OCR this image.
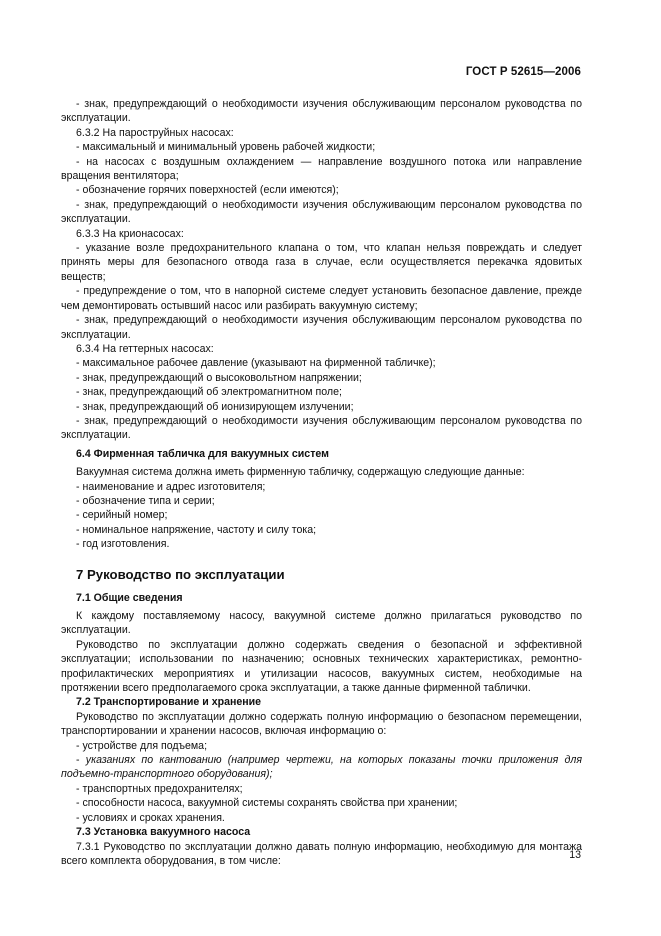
ГОСТ Р 52615—2006

- знак, предупреждающий о необходимости изучения обслуживающим персоналом руководства по эксплуатации.

6.3.2 На пароструйных насосах:

- максимальный и минимальный уровень рабочей жидкости;

- на насосах с воздушным охлаждением — направление воздушного потока или направление вращения вентилятора;

- обозначение горячих поверхностей (если имеются);

- знак, предупреждающий о необходимости изучения обслуживающим персоналом руководства по эксплуатации.

6.3.3 На крионасосах:

- указание возле предохранительного клапана о том, что клапан нельзя повреждать и следует принять меры для безопасного отвода газа в случае, если осуществляется перекачка ядовитых веществ;

- предупреждение о том, что в напорной системе следует установить безопасное давление, прежде чем демонтировать остывший насос или разбирать вакуумную систему;

- знак, предупреждающий о необходимости изучения обслуживающим персоналом руководства по эксплуатации.

6.3.4 На геттерных насосах:

- максимальное рабочее давление (указывают на фирменной табличке);

- знак, предупреждающий о высоковольтном напряжении;

- знак, предупреждающий об электромагнитном поле;

- знак, предупреждающий об ионизирующем излучении;

- знак, предупреждающий о необходимости изучения обслуживающим персоналом руководства по эксплуатации.

6.4 Фирменная табличка для вакуумных систем

Вакуумная система должна иметь фирменную табличку, содержащую следующие данные:

- наименование и адрес изготовителя;

- обозначение типа и серии;

- серийный номер;

- номинальное напряжение, частоту и силу тока;

- год изготовления.

7 Руководство по эксплуатации

7.1 Общие сведения

К каждому поставляемому насосу, вакуумной системе должно прилагаться руководство по эксплуатации.

Руководство по эксплуатации должно содержать сведения о безопасной и эффективной эксплуатации; использовании по назначению; основных технических характеристиках, ремонтно-профилактических мероприятиях и утилизации насосов, вакуумных систем, необходимые на протяжении всего предполагаемого срока эксплуатации, а также данные фирменной таблички.

7.2 Транспортирование и хранение

Руководство по эксплуатации должно содержать полную информацию о безопасном перемещении, транспортировании и хранении насосов, включая информацию о:

- устройстве для подъема;

- указаниях по кантованию (например чертежи, на которых показаны точки приложения для подъемно-транспортного оборудования);

- транспортных предохранителях;

- способности насоса, вакуумной системы сохранять свойства при хранении;

- условиях и сроках хранения.

7.3 Установка вакуумного насоса

7.3.1 Руководство по эксплуатации должно давать полную информацию, необходимую для монтажа всего комплекта оборудования, в том числе:	13
